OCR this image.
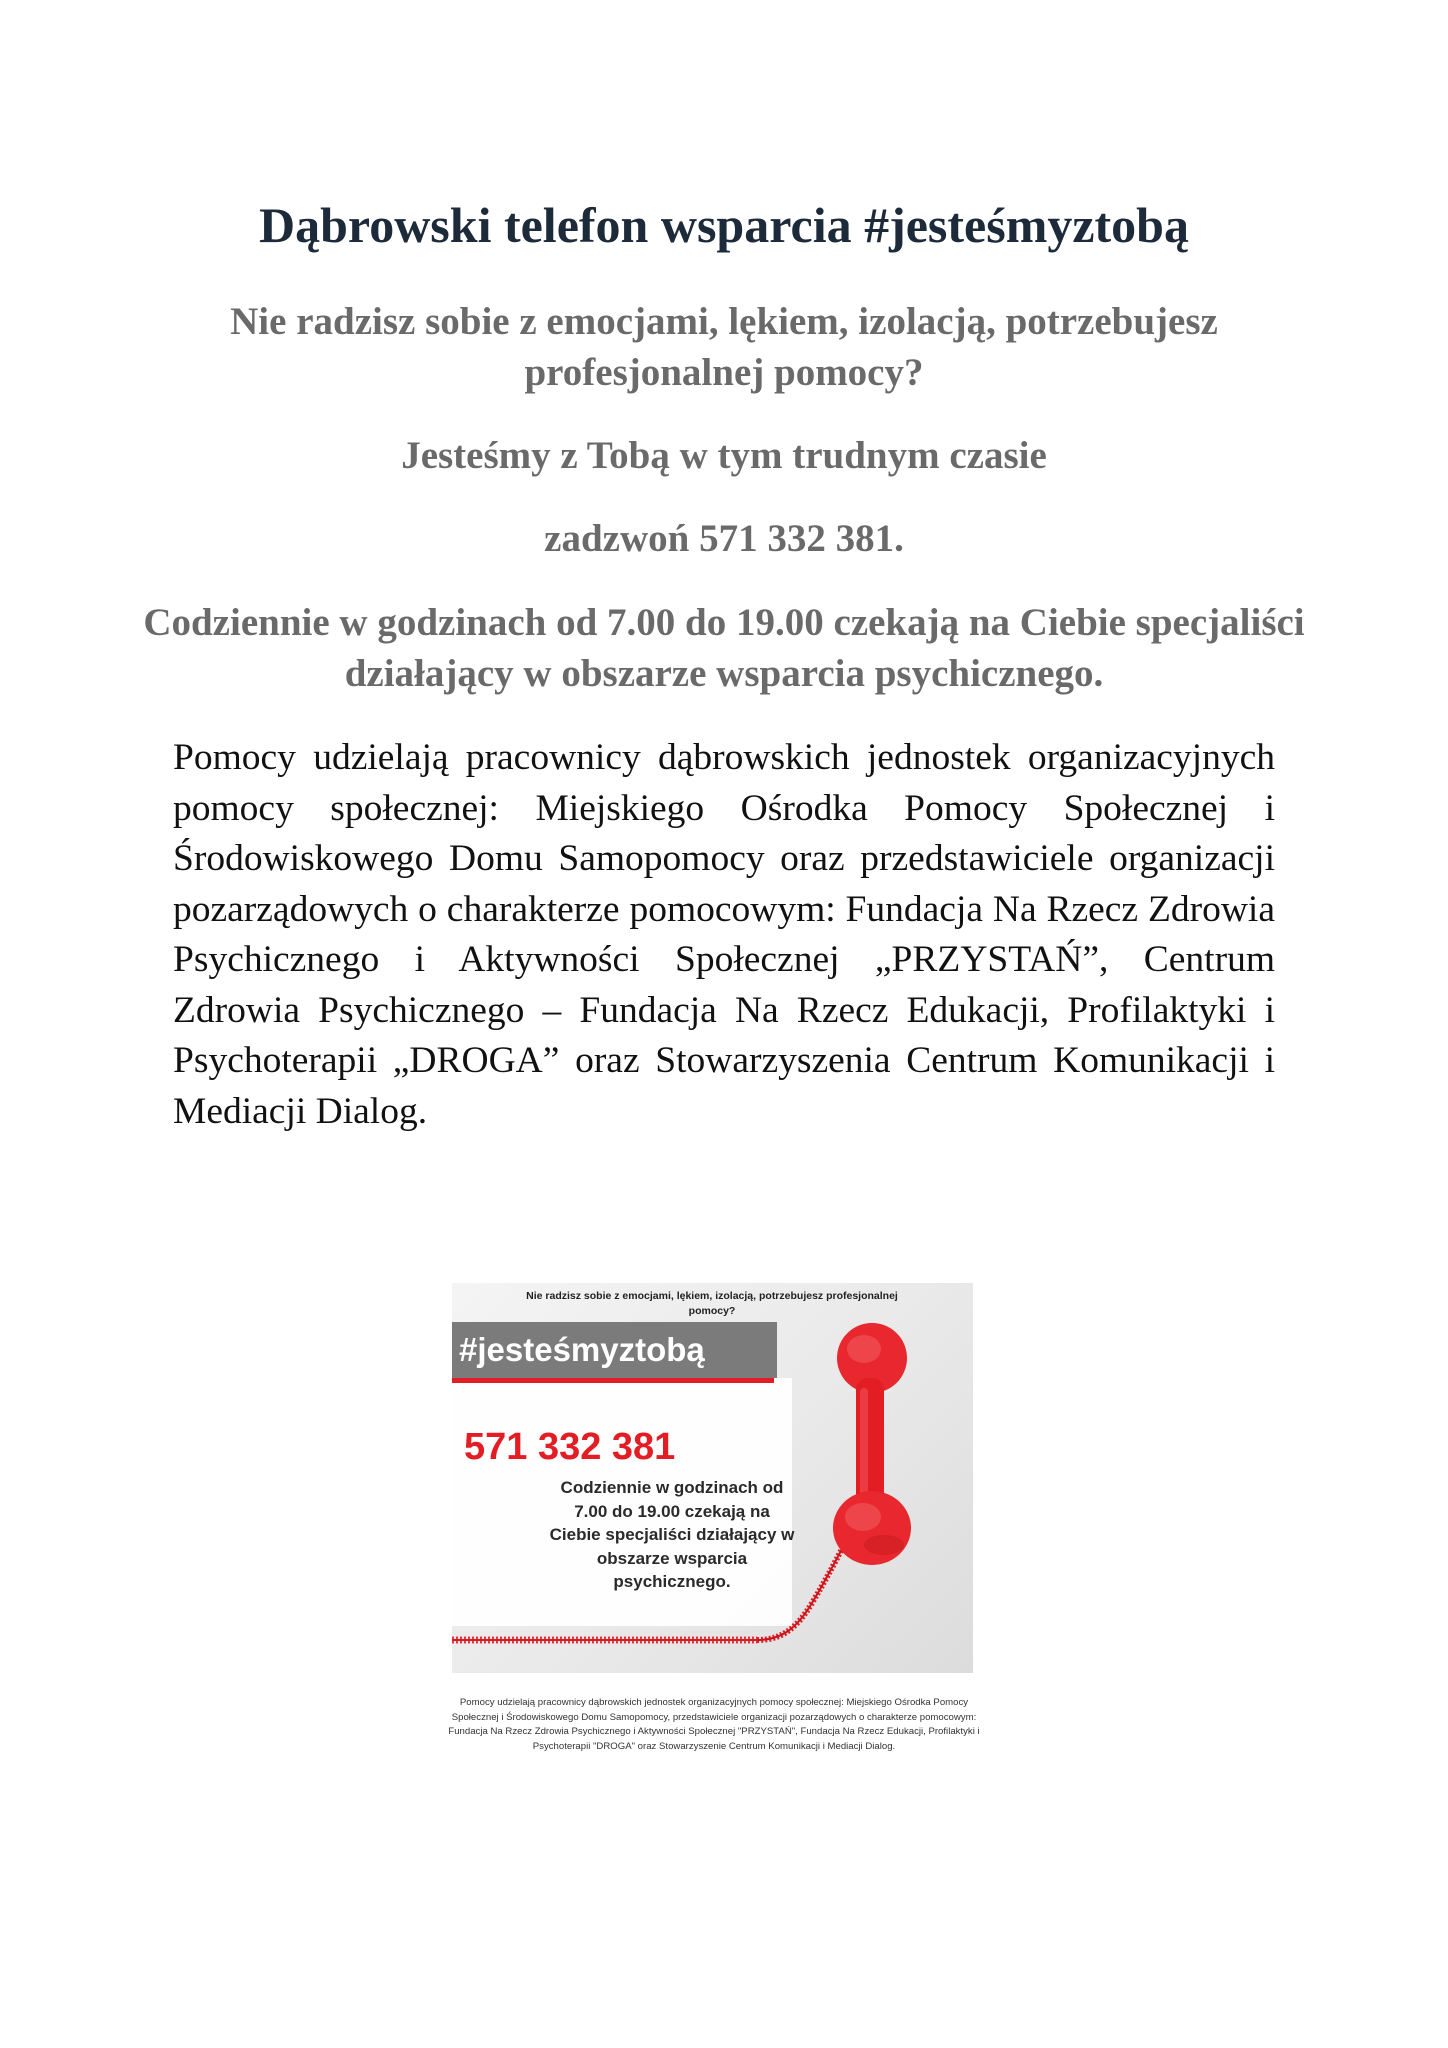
Dąbrowski telefon wsparcia #jesteśmyztobą

Nie radzisz sobie z emocjami, lękiem, izolacją, potrzebujesz profesjonalnej pomocy?

Jesteśmy z Tobą w tym trudnym czasie

zadzwoń 571 332 381.

Codziennie w godzinach od 7.00 do 19.00 czekają na Ciebie specjaliści działający w obszarze wsparcia psychicznego.

Pomocy udzielają pracownicy dąbrowskich jednostek organizacyjnych pomocy społecznej: Miejskiego Ośrodka Pomocy Społecznej i Środowiskowego Domu Samopomocy oraz przedstawiciele organizacji pozarządowych o charakterze pomocowym: Fundacja Na Rzecz Zdrowia Psychicznego i Aktywności Społecznej „PRZYSTAŃ”, Centrum Zdrowia Psychicznego – Fundacja Na Rzecz Edukacji, Profilaktyki i Psychoterapii „DROGA” oraz Stowarzyszenia Centrum Komunikacji i Mediacji Dialog.

Nie radzisz sobie z emocjami, lękiem, izolacją, potrzebujesz profesjonalnej pomocy?
#jesteśmyztobą
571 332 381
Codziennie w godzinach od 7.00 do 19.00 czekają na Ciebie specjaliści działający w obszarze wsparcia psychicznego.

Pomocy udzielają pracownicy dąbrowskich jednostek organizacyjnych pomocy społecznej: Miejskiego Ośrodka Pomocy Społecznej i Środowiskowego Domu Samopomocy, przedstawiciele organizacji pozarządowych o charakterze pomocowym: Fundacja Na Rzecz Zdrowia Psychicznego i Aktywności Społecznej "PRZYSTAŃ", Fundacja Na Rzecz Edukacji, Profilaktyki i Psychoterapii "DROGA" oraz Stowarzyszenie Centrum Komunikacji i Mediacji Dialog.
